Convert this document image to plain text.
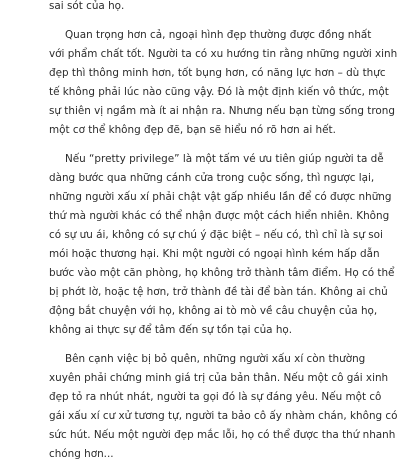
sai sót của họ.

Quan trọng hơn cả, ngoại hình đẹp thường được đồng nhất
với phẩm chất tốt. Người ta có xu hướng tin rằng những người xinh
đẹp thì thông minh hơn, tốt bụng hơn, có năng lực hơn – dù thực
tế không phải lúc nào cũng vậy. Đó là một định kiến vô thức, một
sự thiên vị ngầm mà ít ai nhận ra. Nhưng nếu bạn từng sống trong
một cơ thể không đẹp đẽ, bạn sẽ hiểu nó rõ hơn ai hết.

Nếu “pretty privilege” là một tấm vé ưu tiên giúp người ta dễ
dàng bước qua những cánh cửa trong cuộc sống, thì ngược lại,
những người xấu xí phải chật vật gấp nhiều lần để có được những
thứ mà người khác có thể nhận được một cách hiển nhiên. Không
có sự ưu ái, không có sự chú ý đặc biệt – nếu có, thì chỉ là sự soi
mói hoặc thương hại. Khi một người có ngoại hình kém hấp dẫn
bước vào một căn phòng, họ không trở thành tâm điểm. Họ có thể
bị phớt lờ, hoặc tệ hơn, trở thành đề tài để bàn tán. Không ai chủ
động bắt chuyện với họ, không ai tò mò về câu chuyện của họ,
không ai thực sự để tâm đến sự tồn tại của họ.

Bên cạnh việc bị bỏ quên, những người xấu xí còn thường
xuyên phải chứng minh giá trị của bản thân. Nếu một cô gái xinh
đẹp tỏ ra nhút nhát, người ta gọi đó là sự đáng yêu. Nếu một cô
gái xấu xí cư xử tương tự, người ta bảo cô ấy nhàm chán, không có
sức hút. Nếu một người đẹp mắc lỗi, họ có thể được tha thứ nhanh
chóng hơn...
